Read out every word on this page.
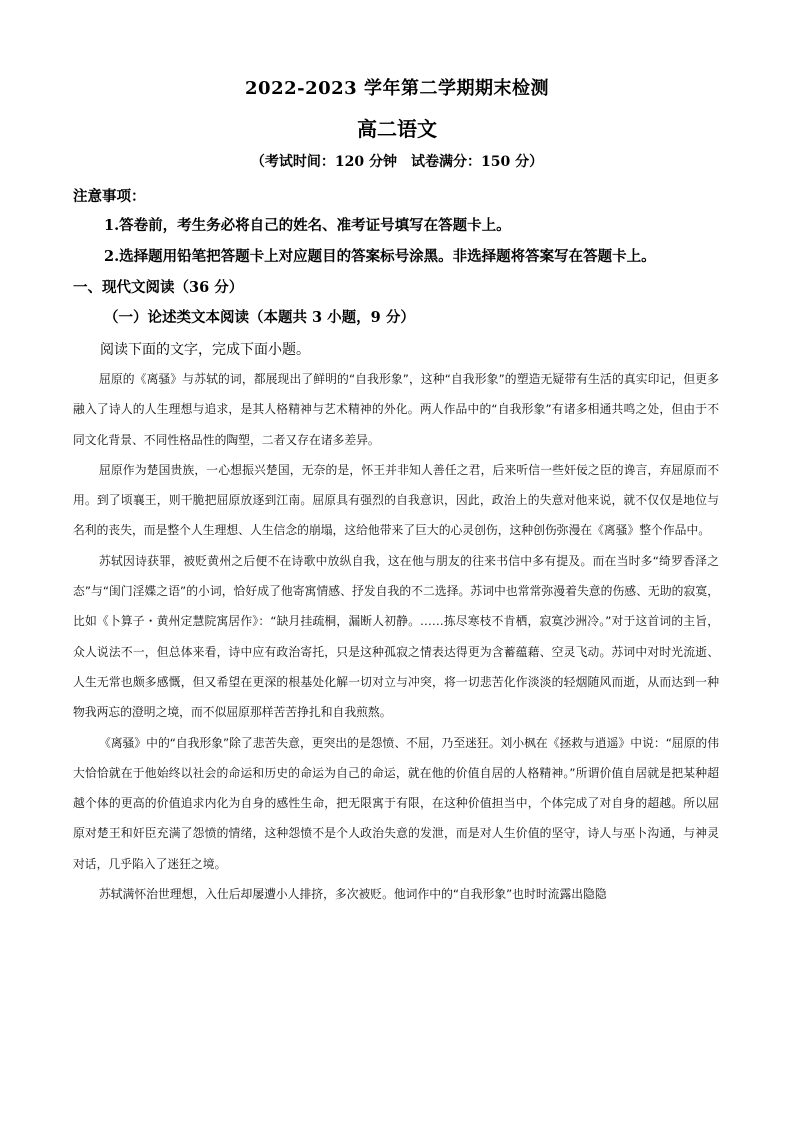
2022-2023 学年第二学期期末检测
高二语文
（考试时间：120 分钟　试卷满分：150 分）
注意事项：
1.答卷前，考生务必将自己的姓名、准考证号填写在答题卡上。
2.选择题用铅笔把答题卡上对应题目的答案标号涂黑。非选择题将答案写在答题卡上。
一、现代文阅读（36 分）
（一）论述类文本阅读（本题共 3 小题，9 分）
阅读下面的文字，完成下面小题。

屈原的《离骚》与苏轼的词，都展现出了鲜明的“自我形象”，这种“自我形象”的塑造无疑带有生活的真实印记，但更多融入了诗人的人生理想与追求，是其人格精神与艺术精神的外化。两人作品中的“自我形象”有诸多相通共鸣之处，但由于不同文化背景、不同性格品性的陶塑，二者又存在诸多差异。

屈原作为楚国贵族，一心想振兴楚国，无奈的是，怀王并非知人善任之君，后来听信一些奸佞之臣的谗言，弃屈原而不用。到了顷襄王，则干脆把屈原放逐到江南。屈原具有强烈的自我意识，因此，政治上的失意对他来说，就不仅仅是地位与名利的丧失，而是整个人生理想、人生信念的崩塌，这给他带来了巨大的心灵创伤，这种创伤弥漫在《离骚》整个作品中。

苏轼因诗获罪，被贬黄州之后便不在诗歌中放纵自我，这在他与朋友的往来书信中多有提及。而在当时多“绮罗香泽之态”与“闺门淫媟之语”的小词，恰好成了他寄寓情感、抒发自我的不二选择。苏词中也常常弥漫着失意的伤感、无助的寂寞，比如《卜算子・黄州定慧院寓居作》：“缺月挂疏桐，漏断人初静。……拣尽寒枝不肯栖，寂寞沙洲冷。”对于这首词的主旨，众人说法不一，但总体来看，诗中应有政治寄托，只是这种孤寂之情表达得更为含蓄蕴藉、空灵飞动。苏词中对时光流逝、人生无常也颇多感慨，但又希望在更深的根基处化解一切对立与冲突，将一切悲苦化作淡淡的轻烟随风而逝，从而达到一种物我两忘的澄明之境，而不似屈原那样苦苦挣扎和自我煎熬。

《离骚》中的“自我形象”除了悲苦失意，更突出的是怨愤、不屈，乃至迷狂。刘小枫在《拯救与逍遥》中说：“屈原的伟大恰恰就在于他始终以社会的命运和历史的命运为自己的命运，就在他的价值自居的人格精神。”所谓价值自居就是把某种超越个体的更高的价值追求内化为自身的感性生命，把无限寓于有限，在这种价值担当中，个体完成了对自身的超越。所以屈原对楚王和奸臣充满了怨愤的情绪，这种怨愤不是个人政治失意的发泄，而是对人生价值的坚守，诗人与巫卜沟通，与神灵对话，几乎陷入了迷狂之境。

苏轼满怀治世理想，入仕后却屡遭小人排挤，多次被贬。他词作中的“自我形象”也时时流露出隐隐
